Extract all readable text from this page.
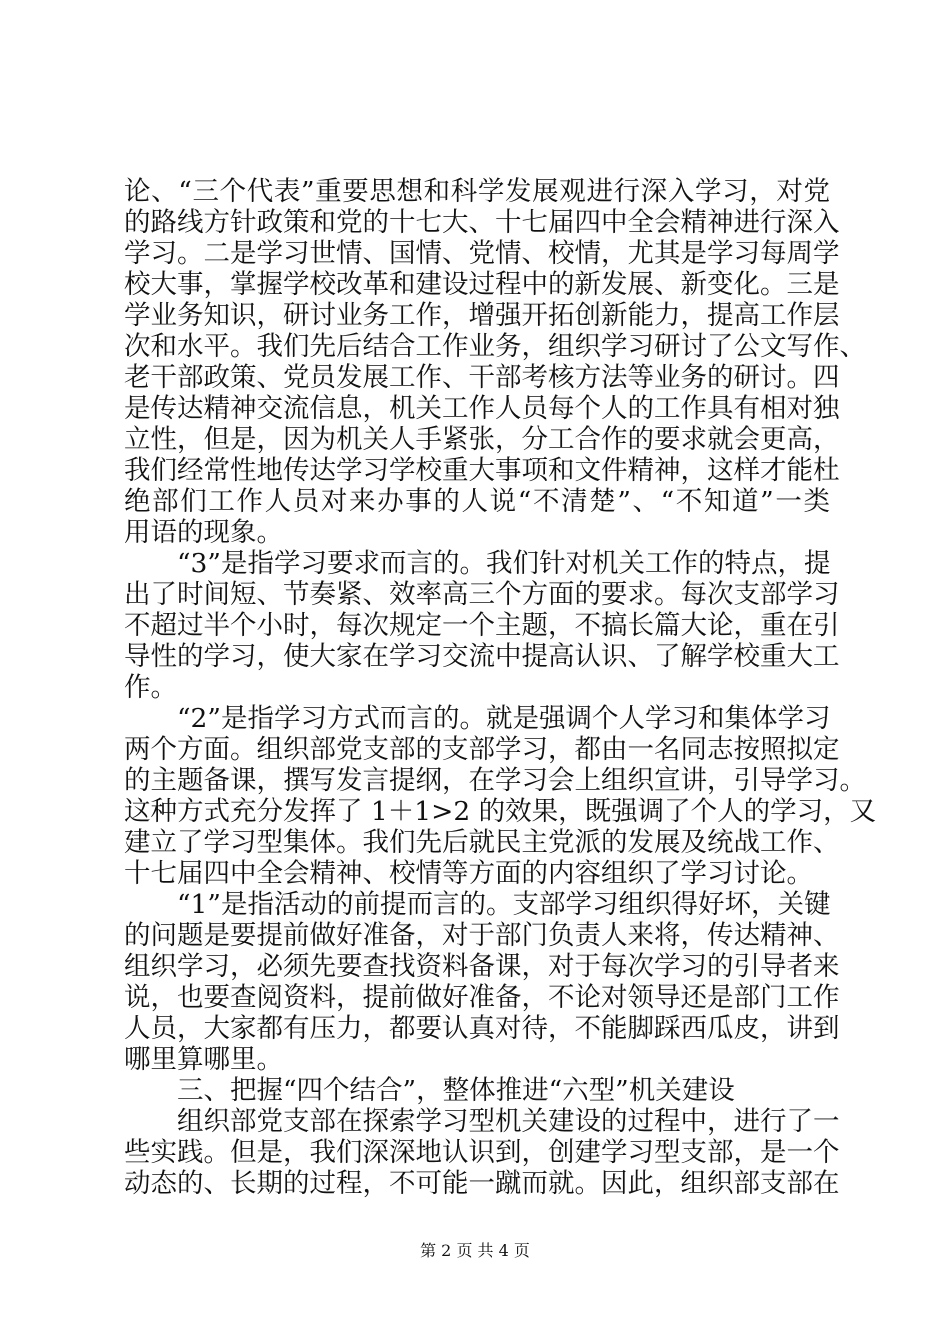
论、“三个代表”重要思想和科学发展观进行深入学习，对党
的路线方针政策和党的十七大、十七届四中全会精神进行深入
学习。二是学习世情、国情、党情、校情，尤其是学习每周学
校大事，掌握学校改革和建设过程中的新发展、新变化。三是
学业务知识，研讨业务工作，增强开拓创新能力，提高工作层
次和水平。我们先后结合工作业务，组织学习研讨了公文写作、
老干部政策、党员发展工作、干部考核方法等业务的研讨。四
是传达精神交流信息，机关工作人员每个人的工作具有相对独
立性，但是，因为机关人手紧张，分工合作的要求就会更高，
我们经常性地传达学习学校重大事项和文件精神，这样才能杜
绝部们工作人员对来办事的人说“不清楚”、“不知道”一类
用语的现象。
“3”是指学习要求而言的。我们针对机关工作的特点，提
出了时间短、节奏紧、效率高三个方面的要求。每次支部学习
不超过半个小时，每次规定一个主题，不搞长篇大论，重在引
导性的学习，使大家在学习交流中提高认识、了解学校重大工
作。
“2”是指学习方式而言的。就是强调个人学习和集体学习
两个方面。组织部党支部的支部学习，都由一名同志按照拟定
的主题备课，撰写发言提纲，在学习会上组织宣讲，引导学习。
这种方式充分发挥了 1＋1>2 的效果，既强调了个人的学习，又
建立了学习型集体。我们先后就民主党派的发展及统战工作、
十七届四中全会精神、校情等方面的内容组织了学习讨论。
“1”是指活动的前提而言的。支部学习组织得好坏，关键
的问题是要提前做好准备，对于部门负责人来将，传达精神、
组织学习，必须先要查找资料备课，对于每次学习的引导者来
说，也要查阅资料，提前做好准备，不论对领导还是部门工作
人员，大家都有压力，都要认真对待，不能脚踩西瓜皮，讲到
哪里算哪里。
三、把握“四个结合”，整体推进“六型”机关建设
组织部党支部在探索学习型机关建设的过程中，进行了一
些实践。但是，我们深深地认识到，创建学习型支部，是一个
动态的、长期的过程，不可能一蹴而就。因此，组织部支部在
第 2 页 共 4 页
